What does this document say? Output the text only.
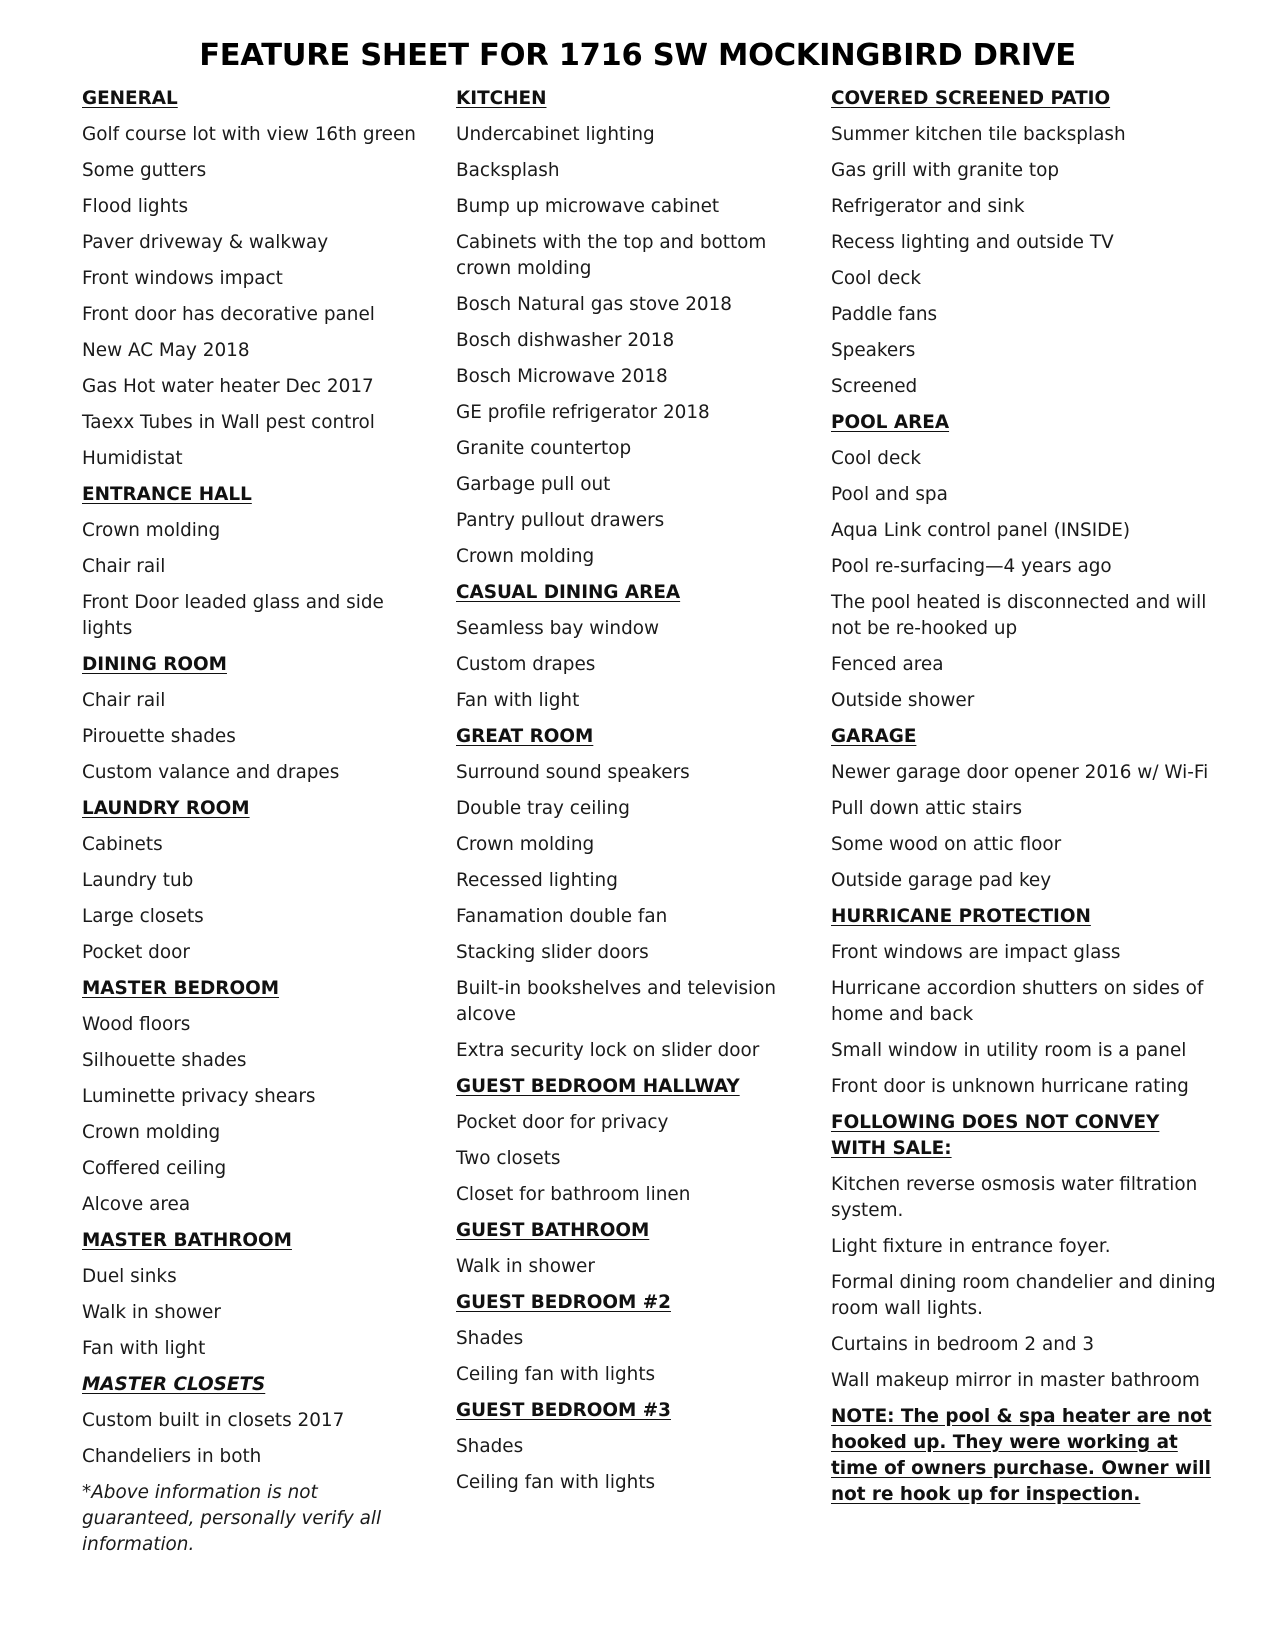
FEATURE SHEET FOR 1716 SW MOCKINGBIRD DRIVE
GENERAL
Golf course lot with view 16th green
Some gutters
Flood lights
Paver driveway & walkway
Front windows impact
Front door has decorative panel
New AC May 2018
Gas Hot water heater Dec 2017
Taexx Tubes in Wall pest control
Humidistat
ENTRANCE HALL
Crown molding
Chair rail
Front Door leaded glass and side lights
DINING ROOM
Chair rail
Pirouette shades
Custom valance and drapes
LAUNDRY ROOM
Cabinets
Laundry tub
Large closets
Pocket door
MASTER BEDROOM
Wood floors
Silhouette shades
Luminette privacy shears
Crown molding
Coffered ceiling
Alcove area
MASTER BATHROOM
Duel sinks
Walk in shower
Fan with light
MASTER CLOSETS
Custom built in closets 2017
Chandeliers in both
*Above information is not guaranteed, personally verify all information.
KITCHEN
Undercabinet lighting
Backsplash
Bump up microwave cabinet
Cabinets with the top and bottom crown molding
Bosch Natural gas stove 2018
Bosch dishwasher 2018
Bosch Microwave 2018
GE profile refrigerator 2018
Granite countertop
Garbage pull out
Pantry pullout drawers
Crown molding
CASUAL DINING AREA
Seamless bay window
Custom drapes
Fan with light
GREAT ROOM
Surround sound speakers
Double tray ceiling
Crown molding
Recessed lighting
Fanamation double fan
Stacking slider doors
Built-in bookshelves and television alcove
Extra security lock on slider door
GUEST BEDROOM HALLWAY
Pocket door for privacy
Two closets
Closet for bathroom linen
GUEST BATHROOM
Walk in shower
GUEST BEDROOM #2
Shades
Ceiling fan with lights
GUEST BEDROOM #3
Shades
Ceiling fan with lights
COVERED SCREENED PATIO
Summer kitchen tile backsplash
Gas grill with granite top
Refrigerator and sink
Recess lighting and outside TV
Cool deck
Paddle fans
Speakers
Screened
POOL AREA
Cool deck
Pool and spa
Aqua Link control panel (INSIDE)
Pool re-surfacing—4 years ago
The pool heated is disconnected and will not be re-hooked up
Fenced area
Outside shower
GARAGE
Newer garage door opener 2016 w/ Wi-Fi
Pull down attic stairs
Some wood on attic floor
Outside garage pad key
HURRICANE PROTECTION
Front windows are impact glass
Hurricane accordion shutters on sides of home and back
Small window in utility room is a panel
Front door is unknown hurricane rating
FOLLOWING DOES NOT CONVEY WITH SALE:
Kitchen reverse osmosis water filtration system.
Light fixture in entrance foyer.
Formal dining room chandelier and dining room wall lights.
Curtains in bedroom 2 and 3
Wall makeup mirror in master bathroom
NOTE: The pool & spa heater are not hooked up. They were working at time of owners purchase. Owner will not re hook up for inspection.
